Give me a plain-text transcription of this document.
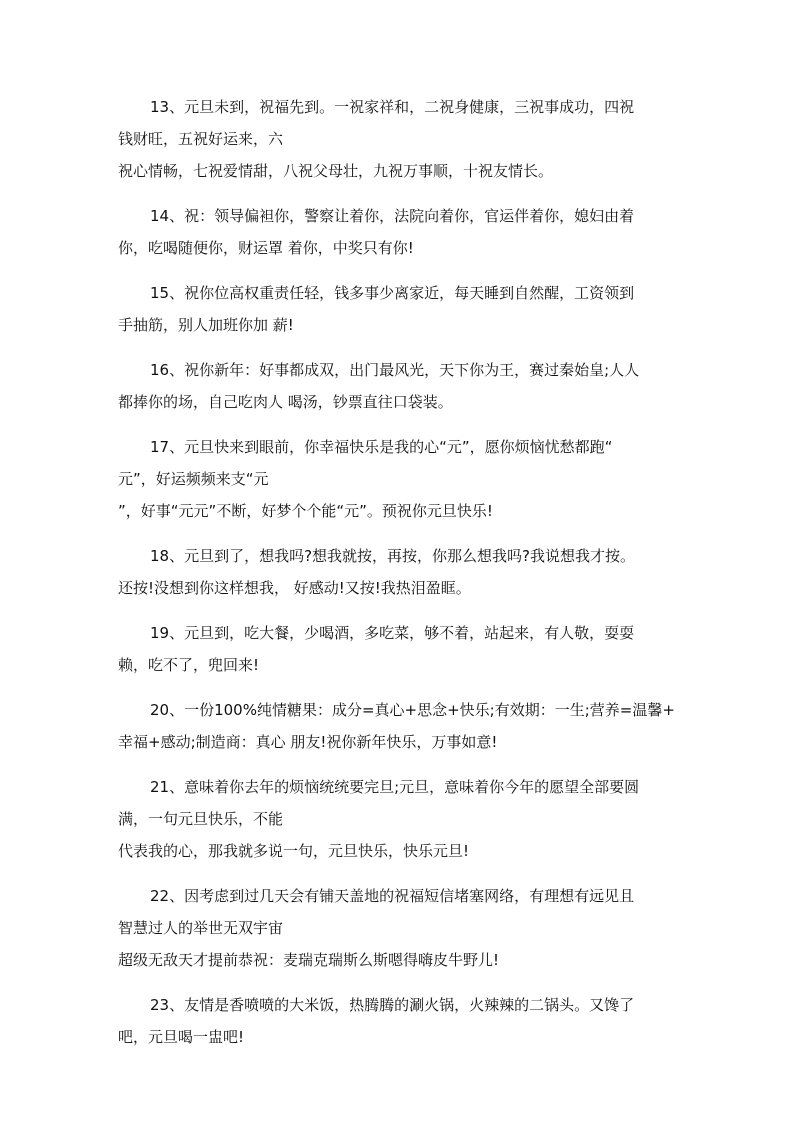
13、元旦未到，祝福先到。一祝家祥和，二祝身健康，三祝事成功，四祝
钱财旺，五祝好运来，六
祝心情畅，七祝爱情甜，八祝父母壮，九祝万事顺，十祝友情长。
14、祝：领导偏袒你，警察让着你，法院向着你，官运伴着你，媳妇由着
你，吃喝随便你，财运罩 着你，中奖只有你!
15、祝你位高权重责任轻，钱多事少离家近，每天睡到自然醒，工资领到
手抽筋，别人加班你加 薪!
16、祝你新年：好事都成双，出门最风光，天下你为王，赛过秦始皇;人人
都捧你的场，自己吃肉人 喝汤，钞票直往口袋装。
17、元旦快来到眼前，你幸福快乐是我的心“元”，愿你烦恼忧愁都跑“
元”，好运频频来支“元
”，好事“元元”不断，好梦个个能“元”。预祝你元旦快乐!
18、元旦到了，想我吗?想我就按，再按，你那么想我吗?我说想我才按。
还按!没想到你这样想我， 好感动!又按!我热泪盈眶。
19、元旦到，吃大餐，少喝酒，多吃菜，够不着，站起来，有人敬，耍耍
赖，吃不了，兜回来!
20、一份100%纯情糖果：成分=真心+思念+快乐;有效期：一生;营养=温馨+
幸福+感动;制造商：真心 朋友!祝你新年快乐，万事如意!
21、意味着你去年的烦恼统统要完旦;元旦，意味着你今年的愿望全部要圆
满，一句元旦快乐，不能
代表我的心，那我就多说一句，元旦快乐，快乐元旦!
22、因考虑到过几天会有铺天盖地的祝福短信堵塞网络，有理想有远见且
智慧过人的举世无双宇宙
超级无敌天才提前恭祝：麦瑞克瑞斯么斯嗯得嗨皮牛野儿!
23、友情是香喷喷的大米饭，热腾腾的涮火锅，火辣辣的二锅头。又馋了
吧，元旦喝一盅吧!
